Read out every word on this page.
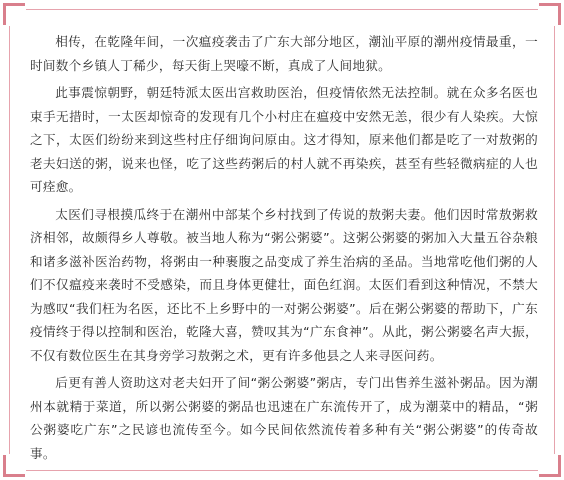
相传，在乾隆年间，一次瘟疫袭击了广东大部分地区，潮汕平原的潮州疫情最重，一时间数个乡镇人丁稀少，每天街上哭嚎不断，真成了人间地狱。

此事震惊朝野，朝廷特派太医出宫救助医治，但疫情依然无法控制。就在众多名医也束手无措时，一太医却惊奇的发现有几个小村庄在瘟疫中安然无恙，很少有人染疾。大惊之下，太医们纷纷来到这些村庄仔细询问原由。这才得知，原来他们都是吃了一对敖粥的老夫妇送的粥，说来也怪，吃了这些药粥后的村人就不再染疾，甚至有些轻微病症的人也可痊愈。

太医们寻根摸瓜终于在潮州中部某个乡村找到了传说的敖粥夫妻。他们因时常敖粥救济相邻，故颇得乡人尊敬。被当地人称为“粥公粥婆”。这粥公粥婆的粥加入大量五谷杂粮和诸多滋补医治药物，将粥由一种裹腹之品变成了养生治病的圣品。当地常吃他们粥的人们不仅瘟疫来袭时不受感染，而且身体更健壮，面色红润。太医们看到这种情况，不禁大为感叹“我们枉为名医，还比不上乡野中的一对粥公粥婆”。后在粥公粥婆的帮助下，广东疫情终于得以控制和医治，乾隆大喜，赞叹其为“广东食神”。从此，粥公粥婆名声大振，不仅有数位医生在其身旁学习敖粥之术，更有许多他县之人来寻医问药。

后更有善人资助这对老夫妇开了间“粥公粥婆”粥店，专门出售养生滋补粥品。因为潮州本就精于菜道，所以粥公粥婆的粥品也迅速在广东流传开了，成为潮菜中的精品，“粥公粥婆吃广东”之民谚也流传至今。如今民间依然流传着多种有关“粥公粥婆”的传奇故事。
